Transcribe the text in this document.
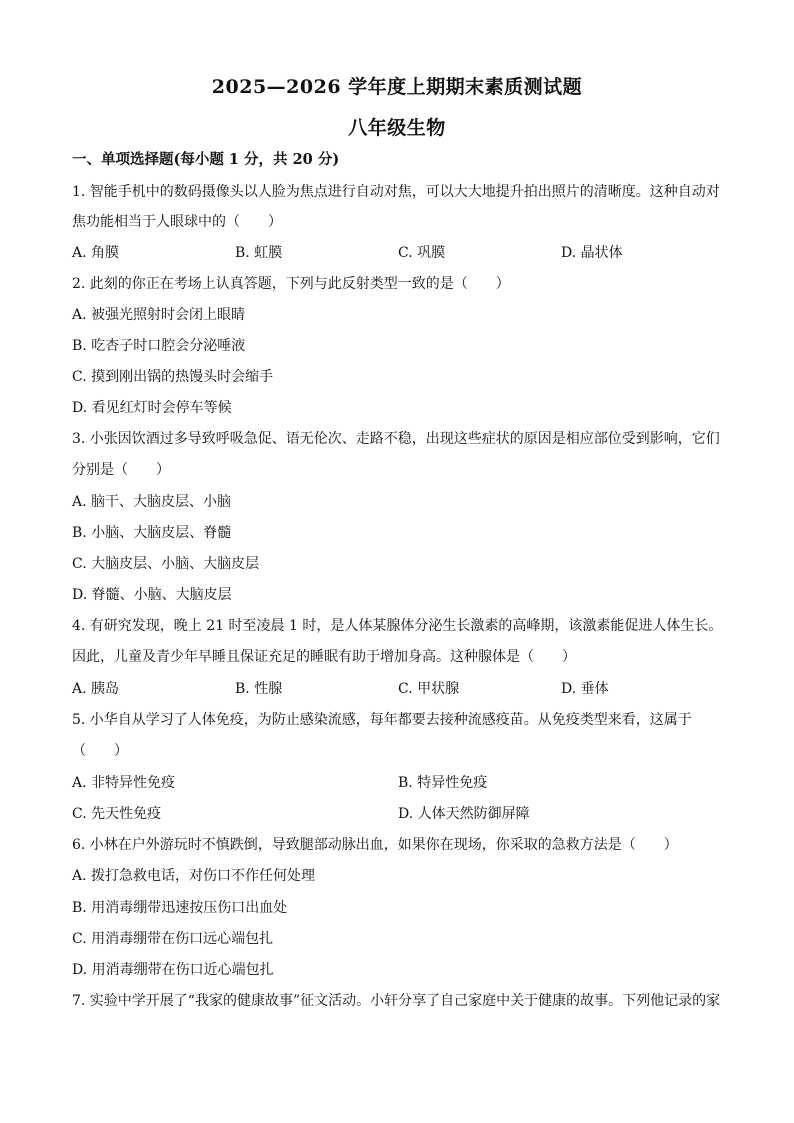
2025—2026 学年度上期期末素质测试题
八年级生物
一、单项选择题(每小题 1 分，共 20 分)
1. 智能手机中的数码摄像头以人脸为焦点进行自动对焦，可以大大地提升拍出照片的清晰度。这种自动对
焦功能相当于人眼球中的（　　）
A. 角膜	B. 虹膜	C. 巩膜	D. 晶状体
2. 此刻的你正在考场上认真答题，下列与此反射类型一致的是（　　）
A. 被强光照射时会闭上眼睛
B. 吃杏子时口腔会分泌唾液
C. 摸到刚出锅的热馒头时会缩手
D. 看见红灯时会停车等候
3. 小张因饮酒过多导致呼吸急促、语无伦次、走路不稳，出现这些症状的原因是相应部位受到影响，它们
分别是（　　）
A. 脑干、大脑皮层、小脑
B. 小脑、大脑皮层、脊髓
C. 大脑皮层、小脑、大脑皮层
D. 脊髓、小脑、大脑皮层
4. 有研究发现，晚上 21 时至凌晨 1 时，是人体某腺体分泌生长激素的高峰期，该激素能促进人体生长。
因此，儿童及青少年早睡且保证充足的睡眠有助于增加身高。这种腺体是（　　）
A. 胰岛	B. 性腺	C. 甲状腺	D. 垂体
5. 小华自从学习了人体免疫，为防止感染流感，每年都要去接种流感疫苗。从免疫类型来看，这属于
（　　）
A. 非特异性免疫	B. 特异性免疫
C. 先天性免疫	D. 人体天然防御屏障
6. 小林在户外游玩时不慎跌倒，导致腿部动脉出血，如果你在现场，你采取的急救方法是（　　）
A. 拨打急救电话，对伤口不作任何处理
B. 用消毒绷带迅速按压伤口出血处
C. 用消毒绷带在伤口远心端包扎
D. 用消毒绷带在伤口近心端包扎
7. 实验中学开展了“我家的健康故事”征文活动。小轩分享了自己家庭中关于健康的故事。下列他记录的家
